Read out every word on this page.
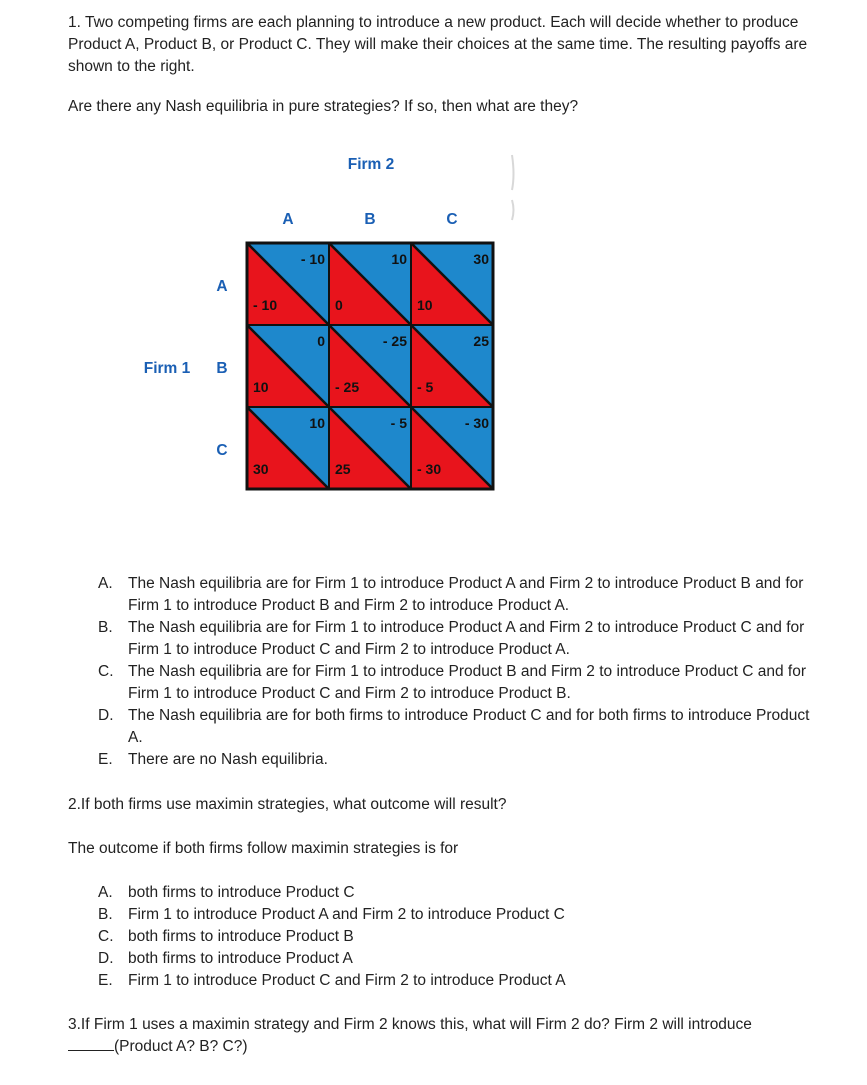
1. Two competing firms are each planning to introduce a new product. Each will decide whether to produce Product A, Product B, or Product C. They will make their choices at the same time. The resulting payoffs are shown to the right.

Are there any Nash equilibria in pure strategies? If so, then what are they?

Firm 2
Firm 1
A	B	C
A
B
C
- 10
- 10
10
0
30
10
0
10
- 25
- 25
25
- 5
10
30
- 5
25
- 30
- 30
A. The Nash equilibria are for Firm 1 to introduce Product A and Firm 2 to introduce Product B and for Firm 1 to introduce Product B and Firm 2 to introduce Product A.
B. The Nash equilibria are for Firm 1 to introduce Product A and Firm 2 to introduce Product C and for Firm 1 to introduce Product C and Firm 2 to introduce Product A.
C. The Nash equilibria are for Firm 1 to introduce Product B and Firm 2 to introduce Product C and for Firm 1 to introduce Product C and Firm 2 to introduce Product B.
D. The Nash equilibria are for both firms to introduce Product C and for both firms to introduce Product A.
E. There are no Nash equilibria.

2.If both firms use maximin strategies, what outcome will result?

The outcome if both firms follow maximin strategies is for

A. both firms to introduce Product C
B. Firm 1 to introduce Product A and Firm 2 to introduce Product C
C. both firms to introduce Product B
D. both firms to introduce Product A
E. Firm 1 to introduce Product C and Firm 2 to introduce Product A

3.If Firm 1 uses a maximin strategy and Firm 2 knows this, what will Firm 2 do? Firm 2 will introduce
(Product A? B? C?)
